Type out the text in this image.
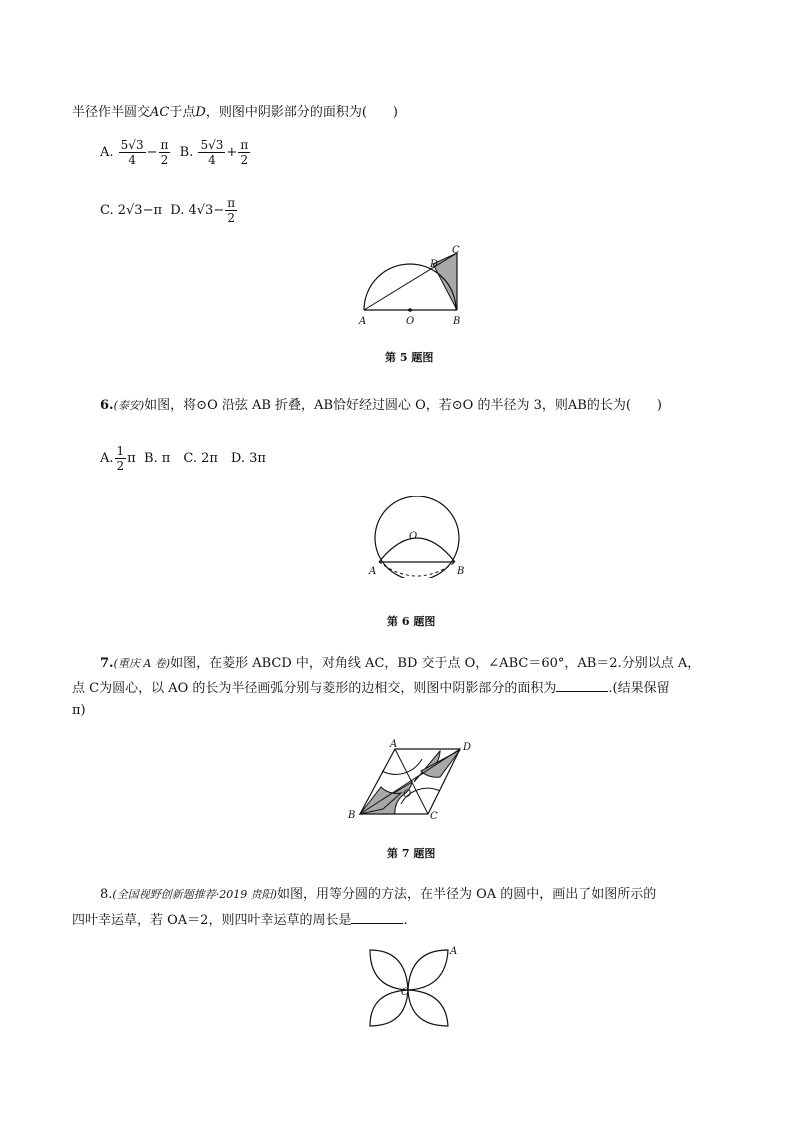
半径作半圆交AC于点D，则图中阴影部分的面积为(　　)
A. $\frac{5√3}{4} - \frac{\pi}{2} B$. $\frac{5√3}{4} + \frac{\pi}{2}$
C. 2√3−π D. $4√3- \frac{\pi}{2}$
A	O	B
C
D
第 5 题图
6.(泰安)如图，将⊙O 沿弦 AB 折叠，AB恰好经过圆心 O，若⊙O 的半径为 3，则AB的长为(　　)
A. $\frac{1}{2}$ π B. π　C. 2π　D. 3π
O
A	B
第 6 题图
7.(重庆 A 卷)如图，在菱形 ABCD 中，对角线 AC，BD 交于点 O，∠ABC＝60°，AB＝2.分别以点 A，
点 C为圆心，以 AO 的长为半径画弧分别与菱形的边相交，则图中阴影部分的面积为	.(结果保留
π)
A	D
B	C
O
第 7 题图
8.(全国视野创新题推荐·2019 贵阳)如图，用等分圆的方法，在半径为 OA 的圆中，画出了如图所示的
四叶幸运草，若 OA＝2，则四叶幸运草的周长是	.
A
O
